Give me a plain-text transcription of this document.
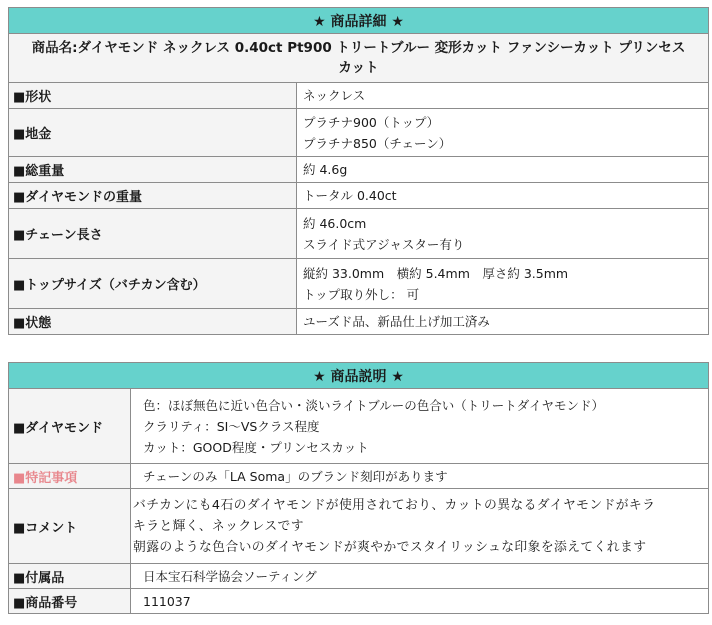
★ 商品詳細 ★	

商品名:ダイヤモンド ネックレス 0.40ct Pt900 トリートブルー 変形カット ファンシーカット プリンセス
カット	

■形状	ネックレス

■地金	プラチナ900（トップ）
プラチナ850（チェーン）

■総重量	約 4.6g

■ダイヤモンドの重量	トータル 0.40ct

■チェーン長さ	約 46.0cm
スライド式アジャスター有り

■トップサイズ（バチカン含む）	縦約 33.0mm　横約 5.4mm　厚さ約 3.5mm
トップ取り外し： 可

■状態	ユーズド品、新品仕上げ加工済み
★ 商品説明 ★	
■ダイヤモンド	色：ほぼ無色に近い色合い・淡いライトブルーの色合い（トリートダイヤモンド）
クラリティ：SI～VSクラス程度
カット：GOOD程度・プリンセスカット

■特記事項	チェーンのみ「LA Soma」のブランド刻印があります

■コメント	バチカンにも4石のダイヤモンドが使用されており、カットの異なるダイヤモンドがキラ
キラと輝く、ネックレスです
朝露のような色合いのダイヤモンドが爽やかでスタイリッシュな印象を添えてくれます

■付属品	日本宝石科学協会ソーティング

■商品番号	111037
